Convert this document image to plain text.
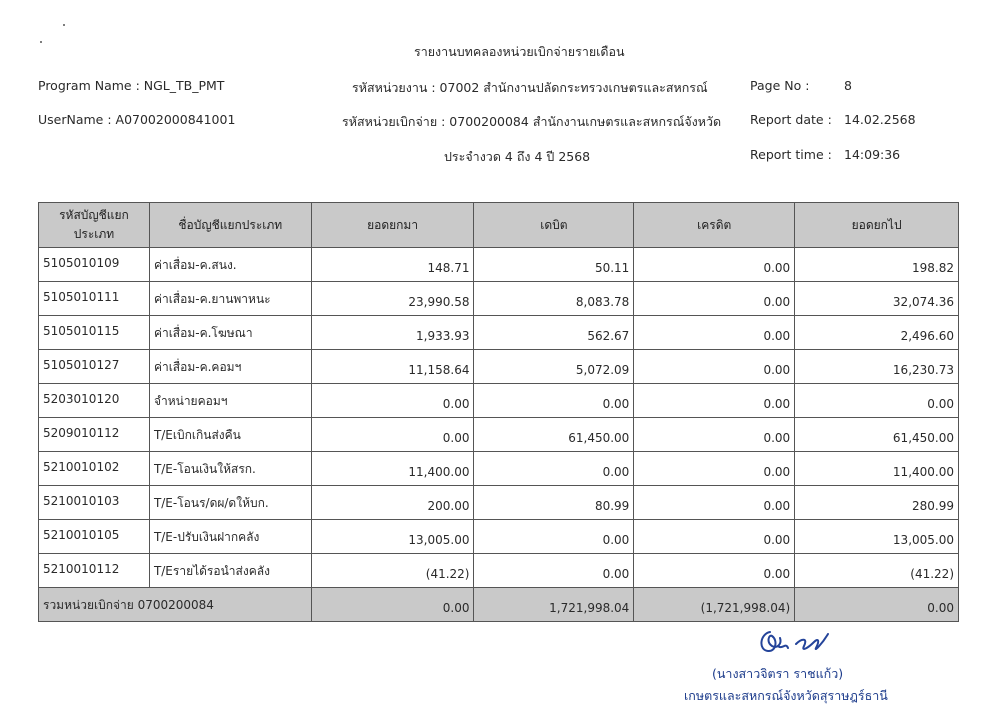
รายงานบทคลองหน่วยเบิกจ่ายรายเดือน
Program Name : NGL_TB_PMT	รหัสหน่วยงาน : 07002 สำนักงานปลัดกระทรวงเกษตรและสหกรณ์	Page No :	8
UserName : A07002000841001	รหัสหน่วยเบิกจ่าย : 0700200084 สำนักงานเกษตรและสหกรณ์จังหวัด Report date : 14.02.2568
ประจำงวด 4 ถึง 4 ปี 2568	Report time : 14:09:36
รหัสบัญชีแยกประเภท	ชื่อบัญชีแยกประเภท	ยอดยกมา	เดบิต	เครดิต	ยอดยกไป
5105010109	ค่าเสื่อม-ค.สนง.	148.71	50.11	0.00	198.82
5105010111	ค่าเสื่อม-ค.ยานพาหนะ	23,990.58	8,083.78	0.00	32,074.36
5105010115	ค่าเสื่อม-ค.โฆษณา	1,933.93	562.67	0.00	2,496.60
5105010127	ค่าเสื่อม-ค.คอมฯ	11,158.64	5,072.09	0.00	16,230.73
5203010120	จำหน่ายคอมฯ	0.00	0.00	0.00	0.00
5209010112	T/Eเบิกเกินส่งคืน	0.00	61,450.00	0.00	61,450.00
5210010102	T/E-โอนเงินให้สรก.	11,400.00	0.00	0.00	11,400.00
5210010103	T/E-โอนร/ดผ/ดให้บก.	200.00	80.99	0.00	280.99
5210010105	T/E-ปรับเงินฝากคลัง	13,005.00	0.00	0.00	13,005.00
5210010112	T/Eรายได้รอนำส่งคลัง	(41.22)	0.00	0.00	(41.22)
รวมหน่วยเบิกจ่าย 0700200084		0.00	1,721,998.04	(1,721,998.04)	0.00
(นางสาวจิตรา ราชแก้ว)
เกษตรและสหกรณ์จังหวัดสุราษฎร์ธานี
